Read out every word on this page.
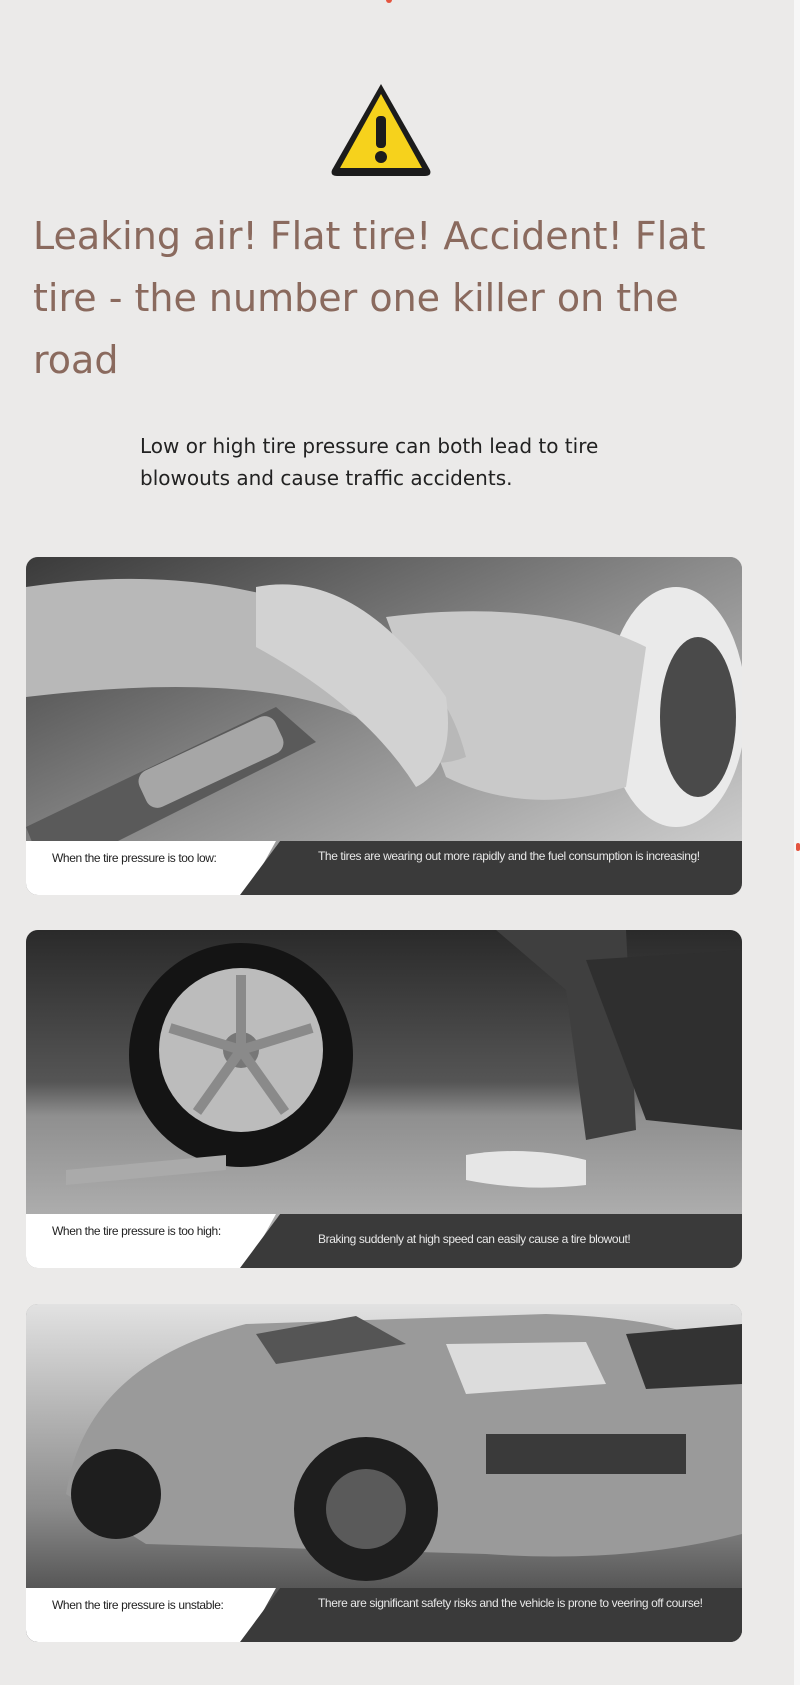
Leaking air! Flat tire! Accident! Flat tire - the number one killer on the road

Low or high tire pressure can both lead to tire blowouts and cause traffic accidents.

When the tire pressure is too low:	The tires are wearing out more rapidly and the fuel consumption is increasing!
When the tire pressure is too high:
Braking suddenly at high speed can easily cause a tire blowout!
When the tire pressure is unstable:	There are significant safety risks and the vehicle is prone to veering off course!
